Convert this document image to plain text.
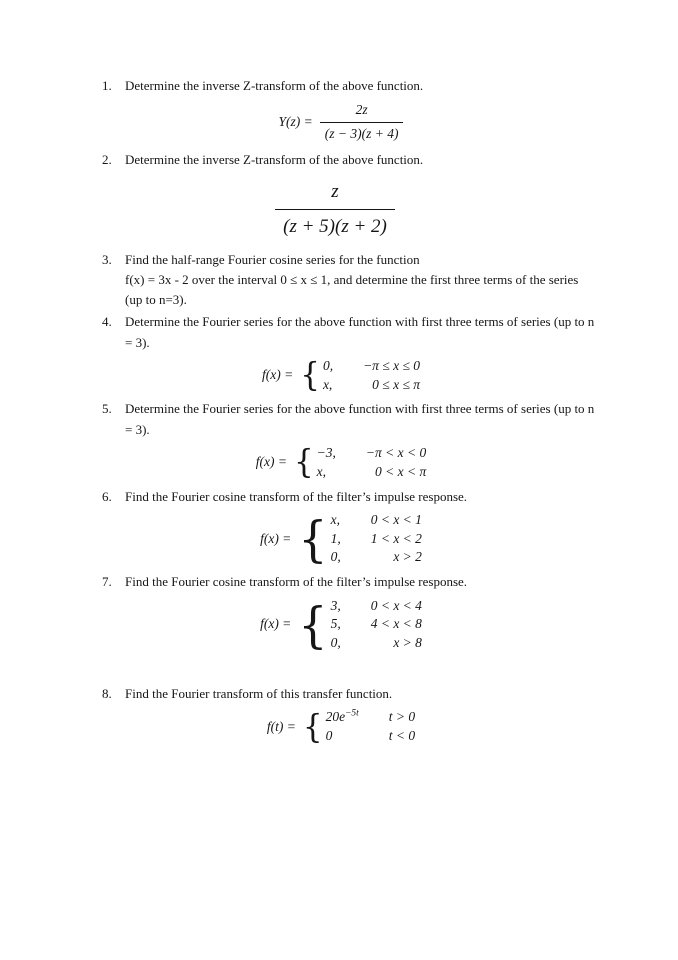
1.	Determine the inverse Z-transform of the above function.
$Y(z) = \frac{2z}{(z - 3)(z + 4)}$
2.	Determine the inverse Z-transform of the above function.
$\frac{z}{(z + 5)(z + 2)}$
3.	Find the half-range Fourier cosine series for the function
f(x) = 3x - 2 over the interval 0 ≤ x ≤ 1, and determine the first three terms of the series (up to n=3).
4.	Determine the Fourier series for the above function with first three terms of series (up to n = 3).
f(x) = { 0, −π ≤ x ≤ 0
x,	0 ≤ x ≤ π
5.	Determine the Fourier series for the above function with first three terms of series (up to n = 3).
f(x) = { −3, −π < x < 0
x,	0 < x < π
6.	Find the Fourier cosine transform of the filter’s impulse response.
f(x) = { x, 0 < x < 1
1, 1 < x < 2
0,	x > 2
7.	Find the Fourier cosine transform of the filter’s impulse response.
f(x) = { 3, 0 < x < 4
5, 4 < x < 8
0,	x > 8
8.	Find the Fourier transform of this transfer function.
f(t) = { $20e^{-5t}$ t > 0
0	t < 0
